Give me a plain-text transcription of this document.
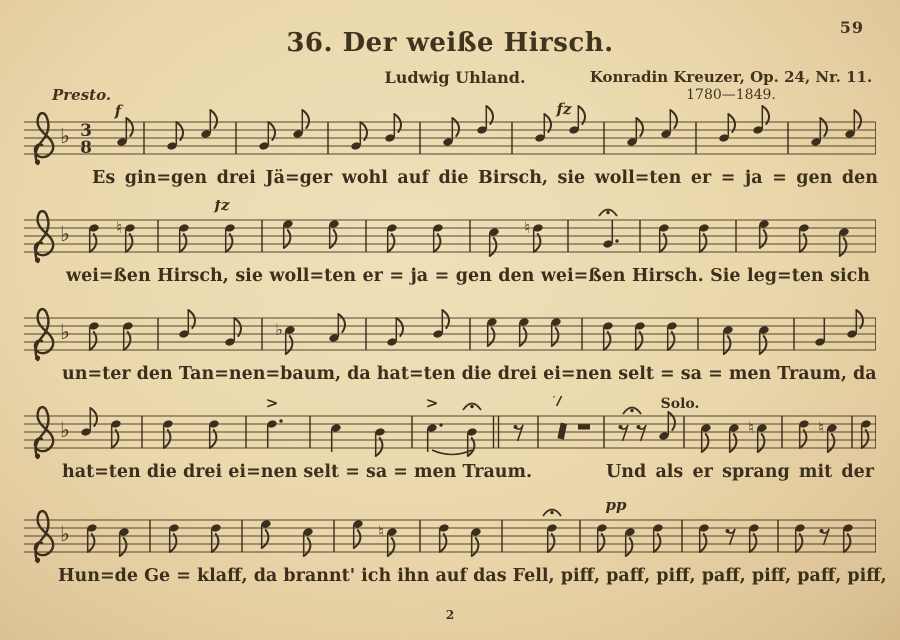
59
36. Der weiße Hirsch.
Ludwig Uhland.	Konradin Kreuzer, Op. 24, Nr. 11.
1780—1849.
Presto.
♭ 3
8
f	fz
♭	♮
fz
♮
♭	♭
♭
>	>	7	Solo.
♮	♮
♭	♮
pp
Es gin=gen drei Jä=ger wohl auf die Birsch, sie woll=ten er = ja = gen den
wei=ßen Hirsch, sie woll=ten er = ja = gen den wei=ßen Hirsch. Sie leg=ten sich
un=ter den Tan=nen=baum, da hat=ten die drei ei=nen selt = sa = men Traum, da
hat=ten die drei ei=nen selt = sa = men Traum.	Und als er sprang mit der
Hun=de Ge = klaff, da brannt' ich ihn auf das Fell, piff, paff, piff, paff, piff, paff, piff,
2
